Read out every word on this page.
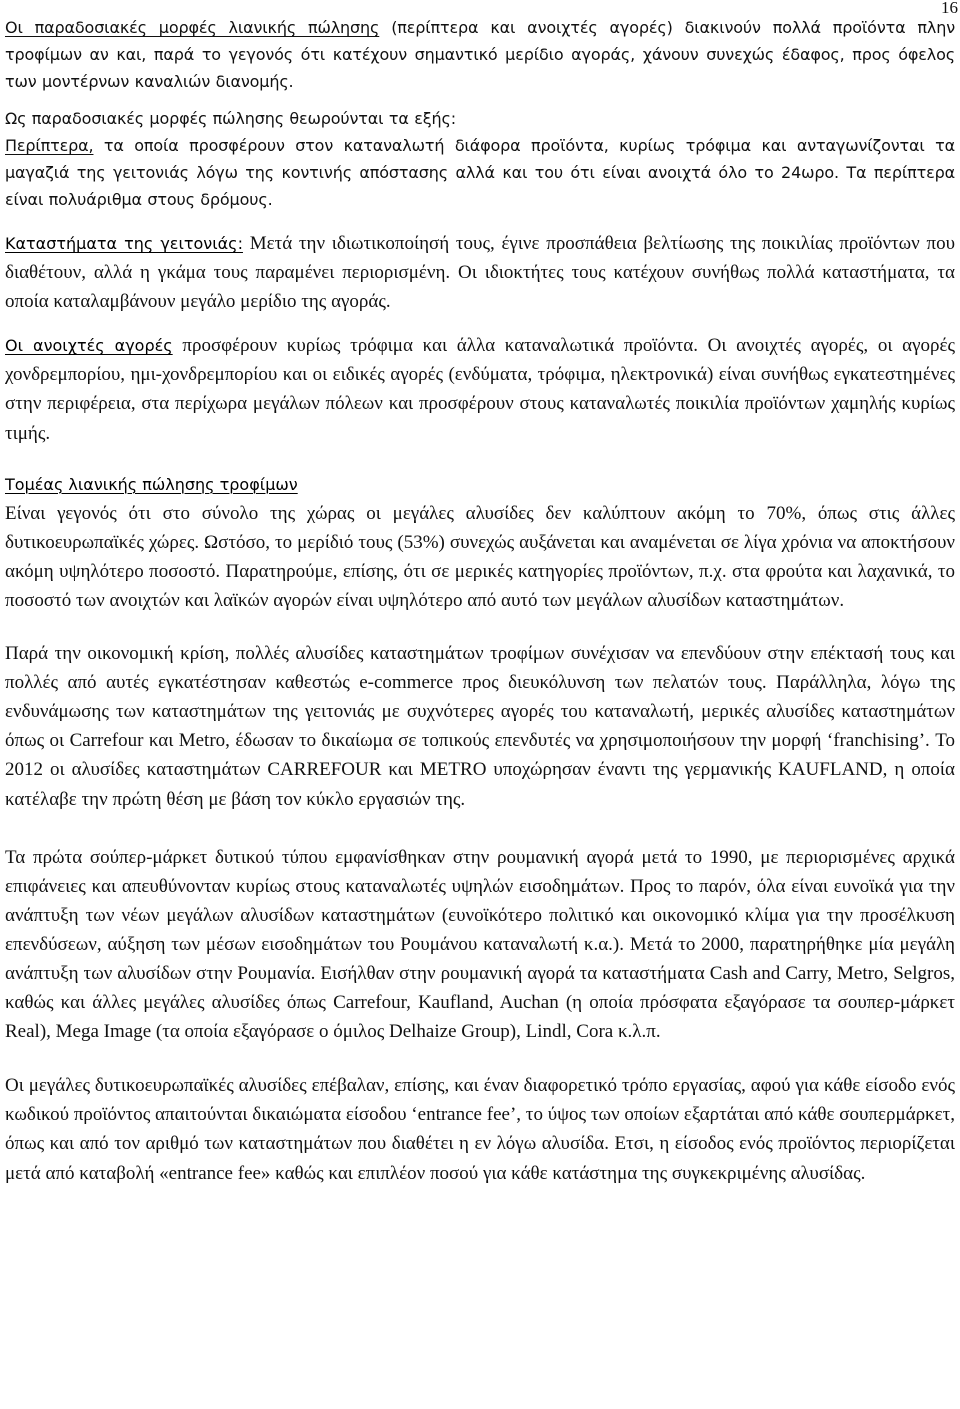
16

Οι παραδοσιακές μορφές λιανικής πώλησης (περίπτερα και ανοιχτές αγορές) διακινούν πολλά προϊόντα πλην τροφίμων αν και, παρά το γεγονός ότι κατέχουν σημαντικό μερίδιο αγοράς, χάνουν συνεχώς έδαφος, προς όφελος των μοντέρνων καναλιών διανομής.

Ως παραδοσιακές μορφές πώλησης θεωρούνται τα εξής:

Περίπτερα, τα οποία προσφέρουν στον καταναλωτή διάφορα προϊόντα, κυρίως τρόφιμα και ανταγωνίζονται τα μαγαζιά της γειτονιάς λόγω της κοντινής απόστασης αλλά και του ότι είναι ανοιχτά όλο το 24ωρο. Τα περίπτερα είναι πολυάριθμα στους δρόμους.

Καταστήματα της γειτονιάς: Μετά την ιδιωτικοποίησή τους, έγινε προσπάθεια βελτίωσης της ποικιλίας προϊόντων που διαθέτουν, αλλά η γκάμα τους παραμένει περιορισμένη. Οι ιδιοκτήτες τους κατέχουν συνήθως πολλά καταστήματα, τα οποία καταλαμβάνουν μεγάλο μερίδιο της αγοράς.

Οι ανοιχτές αγορές προσφέρουν κυρίως τρόφιμα και άλλα καταναλωτικά προϊόντα. Οι ανοιχτές αγορές, οι αγορές χονδρεμπορίου, ημι-χονδρεμπορίου και οι ειδικές αγορές (ενδύματα, τρόφιμα, ηλεκτρονικά) είναι συνήθως εγκατεστημένες στην περιφέρεια, στα περίχωρα μεγάλων πόλεων και προσφέρουν στους καταναλωτές ποικιλία προϊόντων χαμηλής κυρίως τιμής.

Τομέας λιανικής πώλησης τροφίμων

Είναι γεγονός ότι στο σύνολο της χώρας οι μεγάλες αλυσίδες δεν καλύπτουν ακόμη το 70%, όπως στις άλλες δυτικοευρωπαϊκές χώρες. Ωστόσο, το μερίδιό τους (53%) συνεχώς αυξάνεται και αναμένεται σε λίγα χρόνια να αποκτήσουν ακόμη υψηλότερο ποσοστό. Παρατηρούμε, επίσης, ότι σε μερικές κατηγορίες προϊόντων, π.χ. στα φρούτα και λαχανικά, το ποσοστό των ανοιχτών και λαϊκών αγορών είναι υψηλότερο από αυτό των μεγάλων αλυσίδων καταστημάτων.

Παρά την οικονομική κρίση, πολλές αλυσίδες καταστημάτων τροφίμων συνέχισαν να επενδύουν στην επέκτασή τους και πολλές από αυτές εγκατέστησαν καθεστώς e-commerce προς διευκόλυνση των πελατών τους. Παράλληλα, λόγω της ενδυνάμωσης των καταστημάτων της γειτονιάς με συχνότερες αγορές του καταναλωτή, μερικές αλυσίδες καταστημάτων όπως οι Carrefour και Metro, έδωσαν το δικαίωμα σε τοπικούς επενδυτές να χρησιμοποιήσουν την μορφή ‘franchising’. Το 2012 οι αλυσίδες καταστημάτων CARREFOUR και METRO υποχώρησαν έναντι της γερμανικής KAUFLAND, η οποία κατέλαβε την πρώτη θέση με βάση τον κύκλο εργασιών της.

Τα πρώτα σούπερ-μάρκετ δυτικού τύπου εμφανίσθηκαν στην ρουμανική αγορά μετά το 1990, με περιορισμένες αρχικά επιφάνειες και απευθύνονταν κυρίως στους καταναλωτές υψηλών εισοδημάτων. Προς το παρόν, όλα είναι ευνοϊκά για την ανάπτυξη των νέων μεγάλων αλυσίδων καταστημάτων (ευνοϊκότερο πολιτικό και οικονομικό κλίμα για την προσέλκυση επενδύσεων, αύξηση των μέσων εισοδημάτων του Ρουμάνου καταναλωτή κ.α.). Μετά το 2000, παρατηρήθηκε μία μεγάλη ανάπτυξη των αλυσίδων στην Ρουμανία. Εισήλθαν στην ρουμανική αγορά τα καταστήματα Cash and Carry, Metro, Selgros, καθώς και άλλες μεγάλες αλυσίδες όπως Carrefour, Kaufland, Auchan (η οποία πρόσφατα εξαγόρασε τα σουπερ-μάρκετ Real), Mega Image (τα οποία εξαγόρασε ο όμιλος Delhaize Group), Lindl, Cora κ.λ.π.

Οι μεγάλες δυτικοευρωπαϊκές αλυσίδες επέβαλαν, επίσης, και έναν διαφορετικό τρόπο εργασίας, αφού για κάθε είσοδο ενός κωδικού προϊόντος απαιτούνται δικαιώματα είσοδου ‘entrance fee’, το ύψος των οποίων εξαρτάται από κάθε σουπερμάρκετ, όπως και από τον αριθμό των καταστημάτων που διαθέτει η εν λόγω αλυσίδα. Ετσι, η είσοδος ενός προϊόντος περιορίζεται μετά από καταβολή «entrance fee» καθώς και επιπλέον ποσού για κάθε κατάστημα της συγκεκριμένης αλυσίδας.
